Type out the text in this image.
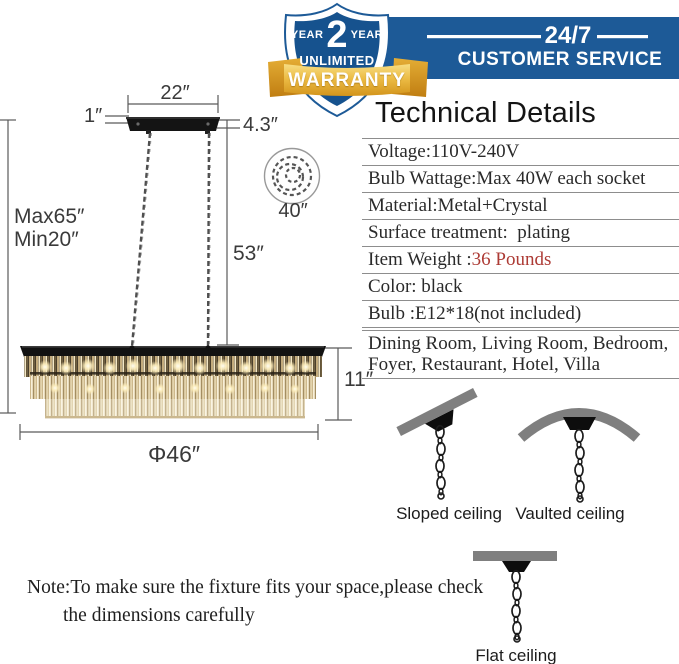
YEAR 2 YEAR
UNLIMITED
WARRANTY
24/7
CUSTOMER SERVICE
22″
1″	4.3″
40″
Max65″
Min20″
53″
11″
Φ46″
Technical Details
Voltage:110V-240V
Bulb Wattage:Max 40W each socket
Material:Metal+Crystal
Surface treatment:  plating
Item Weight :36 Pounds
Color: black
Bulb :E12*18(not included)
Dining Room, Living Room, Bedroom, Foyer, Restaurant, Hotel, Villa
Sloped ceiling Vaulted ceiling
Flat ceiling
Note:To make sure the fixture fits your space,please check
the dimensions carefully
